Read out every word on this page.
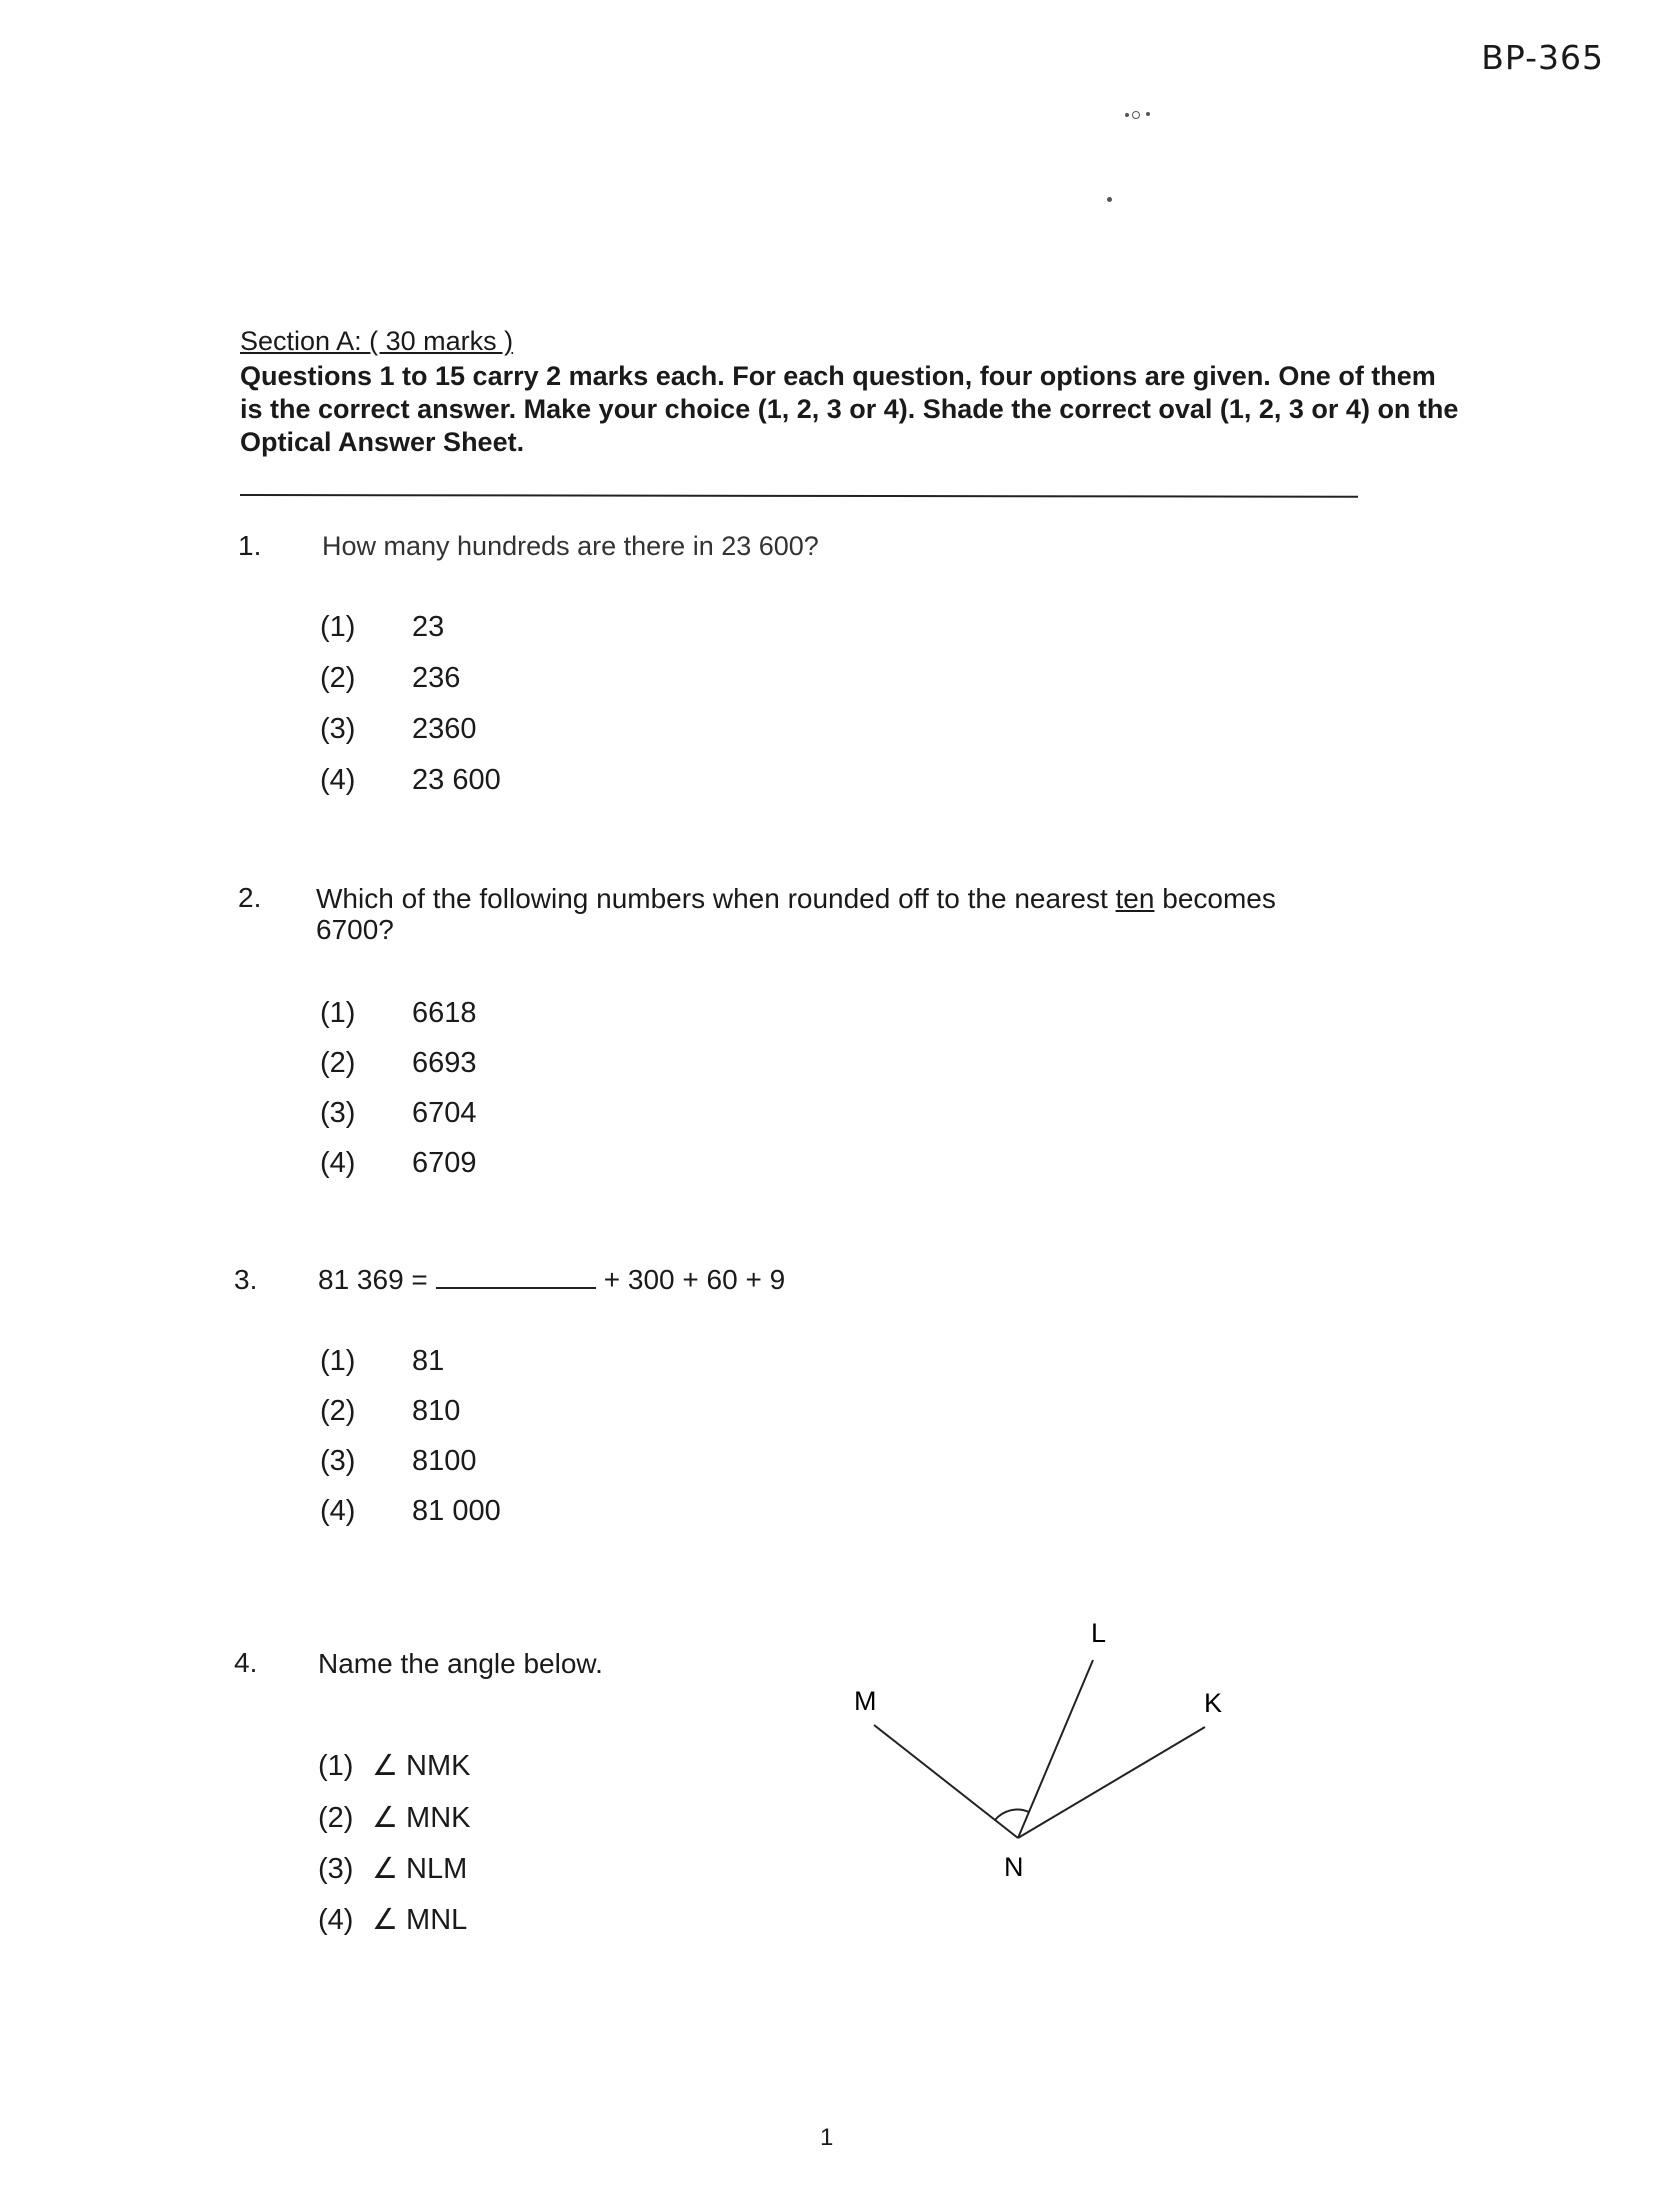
BP-365
Section A: ( 30 marks )
Questions 1 to 15 carry 2 marks each. For each question, four options are given. One of them is the correct answer. Make your choice (1, 2, 3 or 4). Shade the correct oval (1, 2, 3 or 4) on the Optical Answer Sheet.
1. How many hundreds are there in 23 600?
(1) 23
(2) 236
(3) 2360
(4) 23 600
2. Which of the following numbers when rounded off to the nearest ten becomes
6700?
(1) 6618
(2) 6693
(3) 6704
(4) 6709
3. 81 369 =	+ 300 + 60 + 9
(1) 81
(2) 810
(3) 8100
(4) 81 000
4. Name the angle below.
(1) ∠ NMK
(2) ∠ MNK
(3) ∠ NLM
(4) ∠ MNL
M
L
K
N
1
